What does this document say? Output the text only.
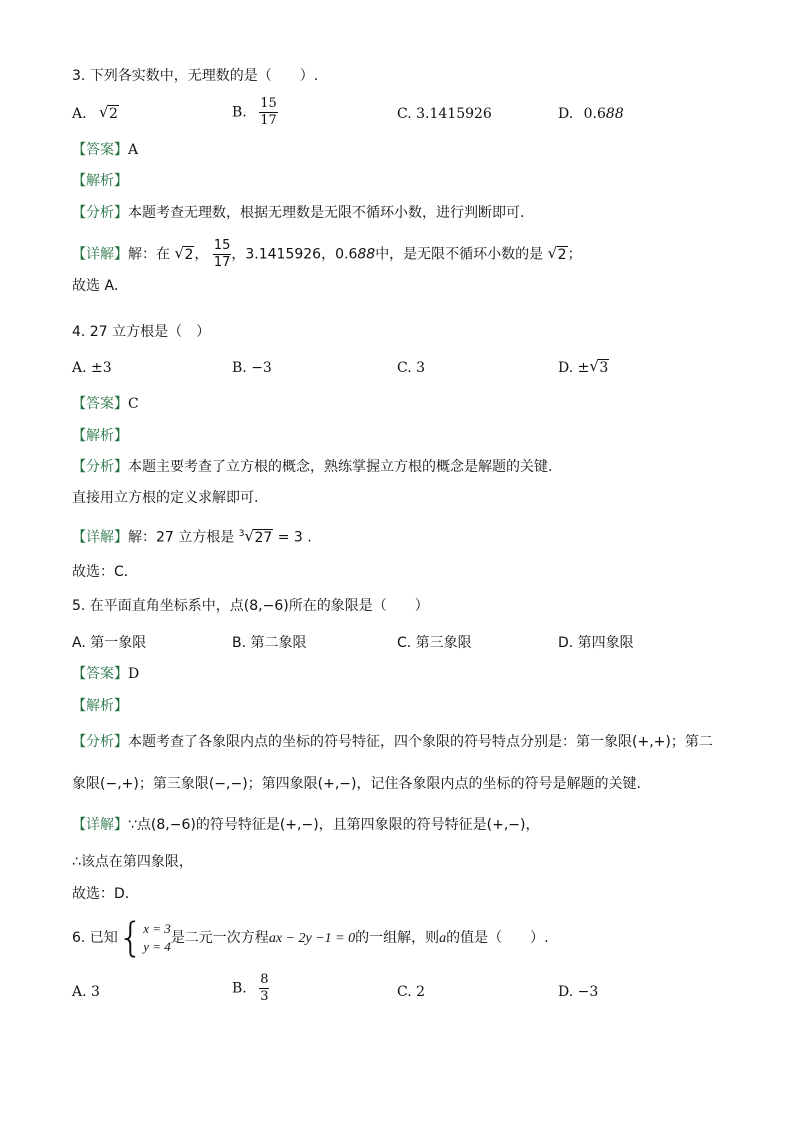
3. 下列各实数中，无理数的是（　　）.
A. √ 2	B. $\frac{15}{17}$	C. 3.1415926	D. 0.688
【答案】A
【解析】
【分析】本题考查无理数，根据无理数是无限不循环小数，进行判断即可.
【详解】解：在 √ 2， $\frac{15}{17}$ ，3.1415926，0.688中，是无限不循环小数的是 √ 2；
故选 A．
4. 27 立方根是（　）
A. ±3	B. −3	C. 3	D. ± √ 3
【答案】C
【解析】
【分析】本题主要考查了立方根的概念，熟练掌握立方根的概念是解题的关键.
直接用立方根的定义求解即可.
【详解】解：27 立方根是 $^3$ √ 27 = 3 .
故选：C．
5. 在平面直角坐标系中，点(8,−6)所在的象限是（　　）
A. 第一象限	B. 第二象限	C. 第三象限	D. 第四象限
【答案】D
【解析】
【分析】本题考查了各象限内点的坐标的符号特征，四个象限的符号特点分别是：第一象限(+,+)；第二
象限(−,+)；第三象限(−,−)；第四象限(+,−)，记住各象限内点的坐标的符号是解题的关键.
【详解】∵点(8,−6)的符号特征是(+,−)，且第四象限的符号特征是(+,−)，
∴该点在第四象限，
故选：D．
6. 已知{ x = 3
y = 4
是二元一次方程ax − 2y −1 = 0的一组解，则a的值是（　　）.
A. 3	B. $\frac{8}{3}$	C. 2	D. −3
